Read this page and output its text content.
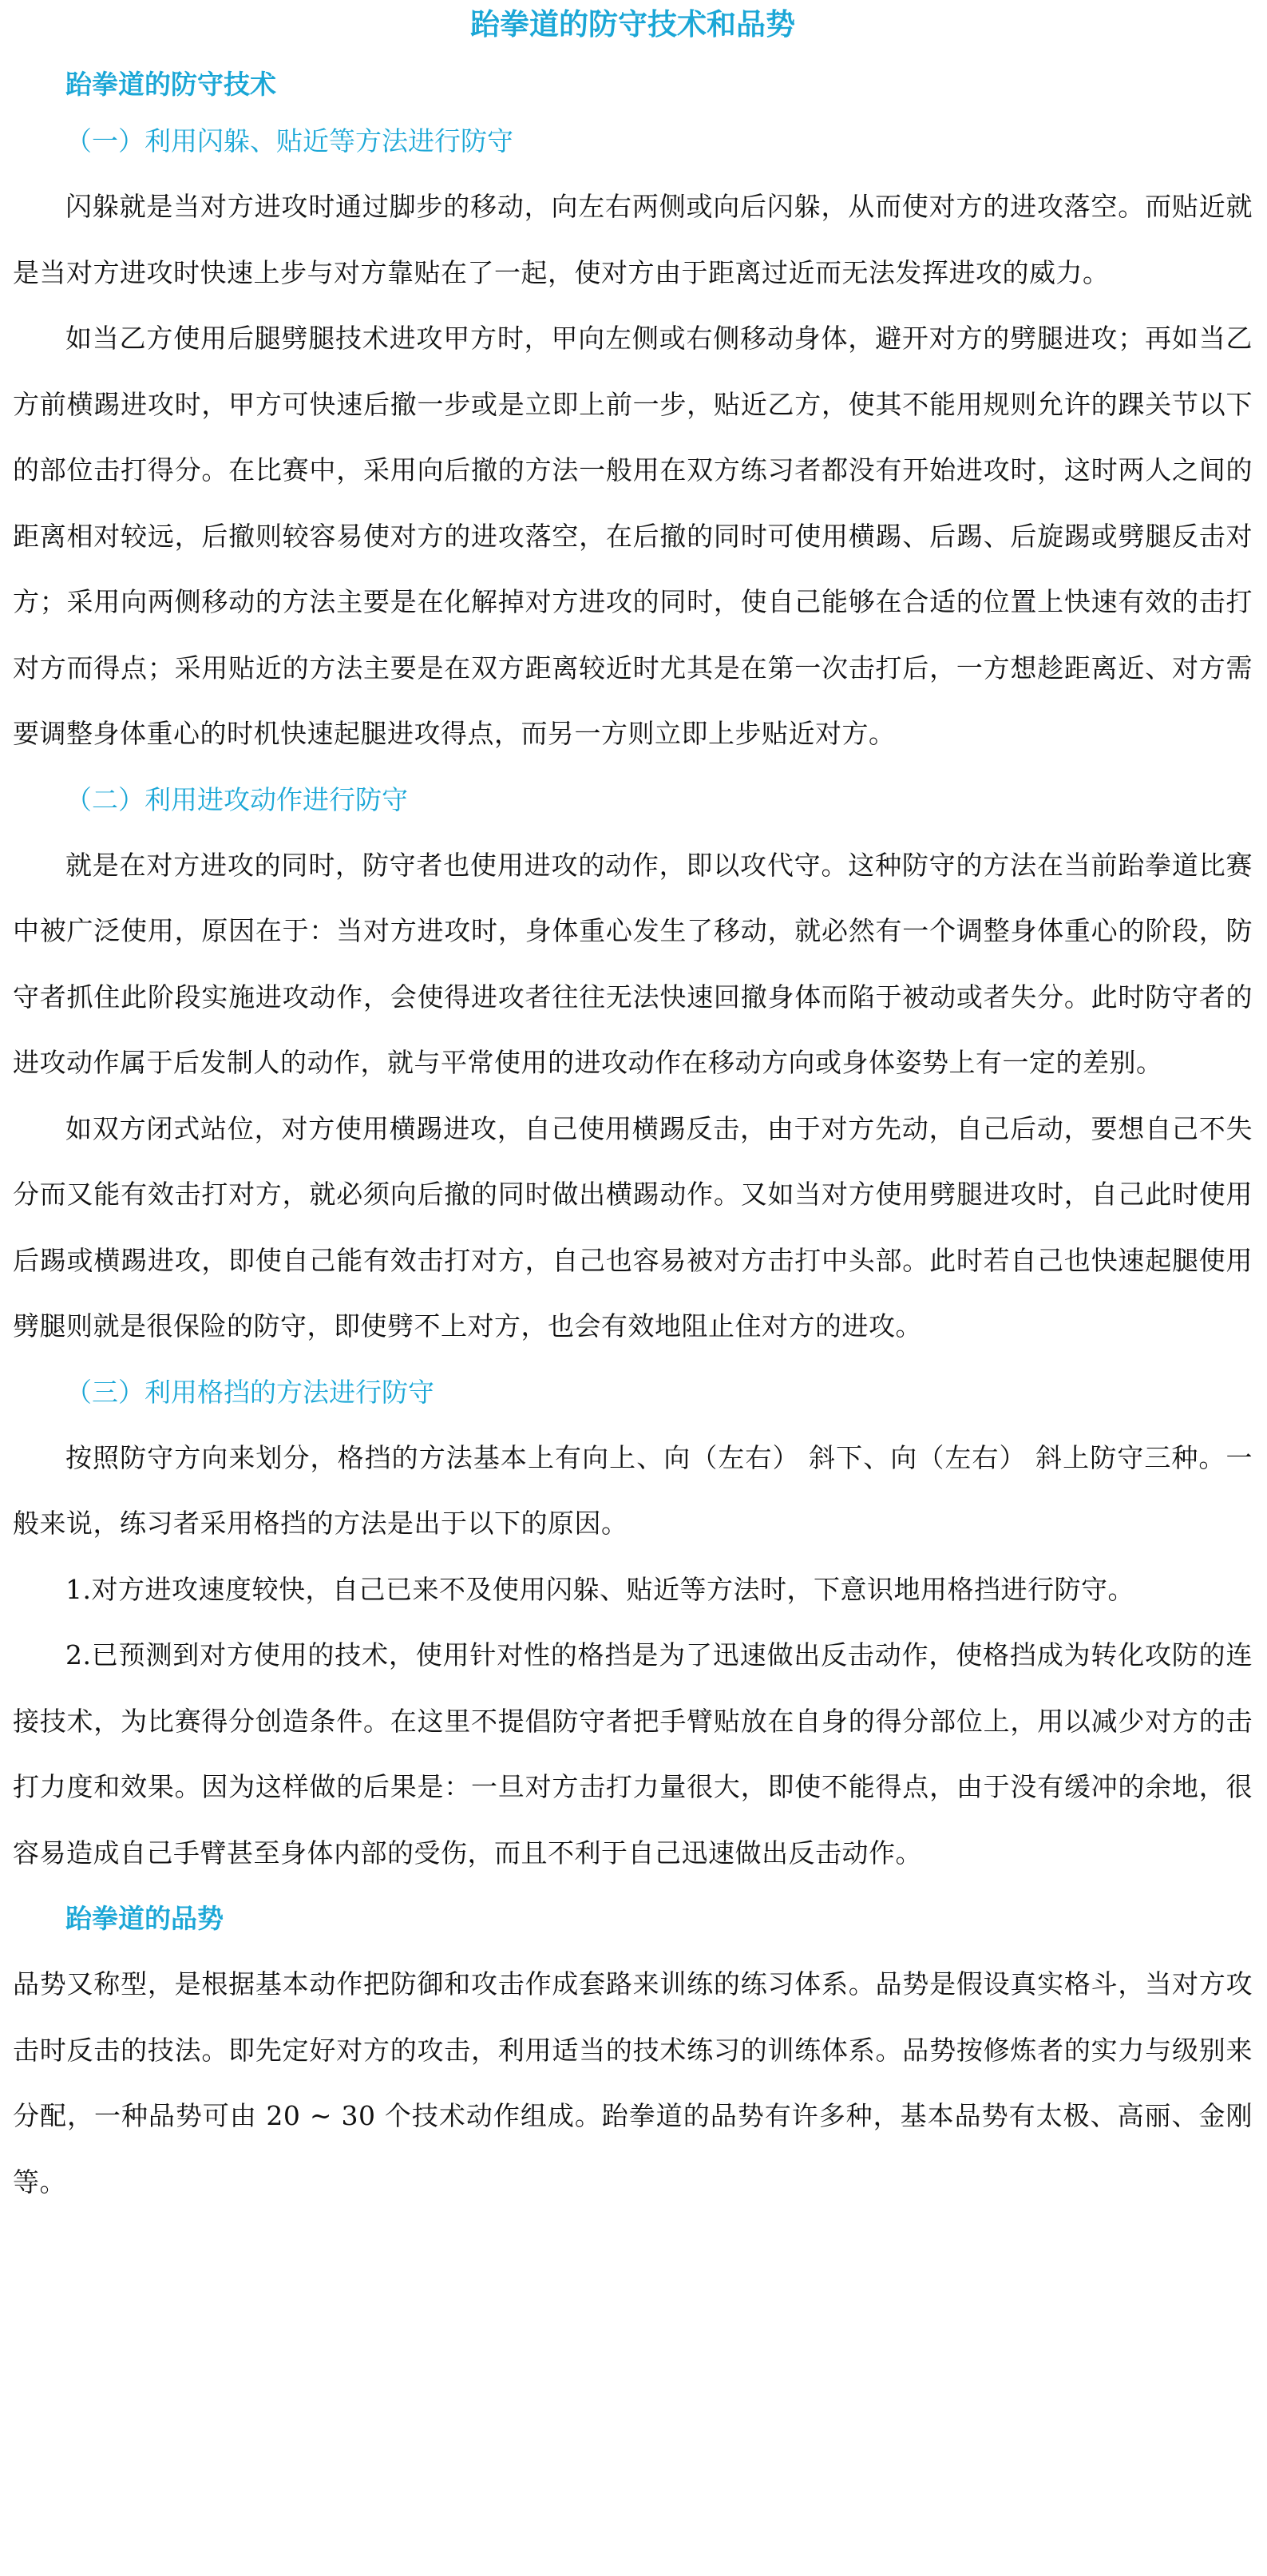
跆拳道的防守技术和品势
跆拳道的防守技术
（一）利用闪躲、贴近等方法进行防守

闪躲就是当对方进攻时通过脚步的移动，向左右两侧或向后闪躲，从而使对方的进攻落空。而贴近就是当对方进攻时快速上步与对方靠贴在了一起，使对方由于距离过近而无法发挥进攻的威力。

如当乙方使用后腿劈腿技术进攻甲方时，甲向左侧或右侧移动身体，避开对方的劈腿进攻；再如当乙方前横踢进攻时，甲方可快速后撤一步或是立即上前一步，贴近乙方，使其不能用规则允许的踝关节以下的部位击打得分。在比赛中，采用向后撤的方法一般用在双方练习者都没有开始进攻时，这时两人之间的距离相对较远，后撤则较容易使对方的进攻落空，在后撤的同时可使用横踢、后踢、后旋踢或劈腿反击对方；采用向两侧移动的方法主要是在化解掉对方进攻的同时，使自己能够在合适的位置上快速有效的击打对方而得点；采用贴近的方法主要是在双方距离较近时尤其是在第一次击打后，一方想趁距离近、对方需要调整身体重心的时机快速起腿进攻得点，而另一方则立即上步贴近对方。

（二）利用进攻动作进行防守

就是在对方进攻的同时，防守者也使用进攻的动作，即以攻代守。这种防守的方法在当前跆拳道比赛中被广泛使用，原因在于：当对方进攻时，身体重心发生了移动，就必然有一个调整身体重心的阶段，防守者抓住此阶段实施进攻动作，会使得进攻者往往无法快速回撤身体而陷于被动或者失分。此时防守者的进攻动作属于后发制人的动作，就与平常使用的进攻动作在移动方向或身体姿势上有一定的差别。

如双方闭式站位，对方使用横踢进攻，自己使用横踢反击，由于对方先动，自己后动，要想自己不失分而又能有效击打对方，就必须向后撤的同时做出横踢动作。又如当对方使用劈腿进攻时，自己此时使用后踢或横踢进攻，即使自己能有效击打对方，自己也容易被对方击打中头部。此时若自己也快速起腿使用劈腿则就是很保险的防守，即使劈不上对方，也会有效地阻止住对方的进攻。

（三）利用格挡的方法进行防守

按照防守方向来划分，格挡的方法基本上有向上、向（左右） 斜下、向（左右） 斜上防守三种。一般来说，练习者采用格挡的方法是出于以下的原因。

1.对方进攻速度较快，自己已来不及使用闪躲、贴近等方法时，下意识地用格挡进行防守。

2.已预测到对方使用的技术，使用针对性的格挡是为了迅速做出反击动作，使格挡成为转化攻防的连接技术，为比赛得分创造条件。在这里不提倡防守者把手臂贴放在自身的得分部位上，用以减少对方的击打力度和效果。因为这样做的后果是：一旦对方击打力量很大，即使不能得点，由于没有缓冲的余地，很容易造成自己手臂甚至身体内部的受伤，而且不利于自己迅速做出反击动作。

跆拳道的品势

品势又称型，是根据基本动作把防御和攻击作成套路来训练的练习体系。品势是假设真实格斗，当对方攻击时反击的技法。即先定好对方的攻击，利用适当的技术练习的训练体系。品势按修炼者的实力与级别来分配，一种品势可由 20 ~ 30 个技术动作组成。跆拳道的品势有许多种，基本品势有太极、高丽、金刚等。
